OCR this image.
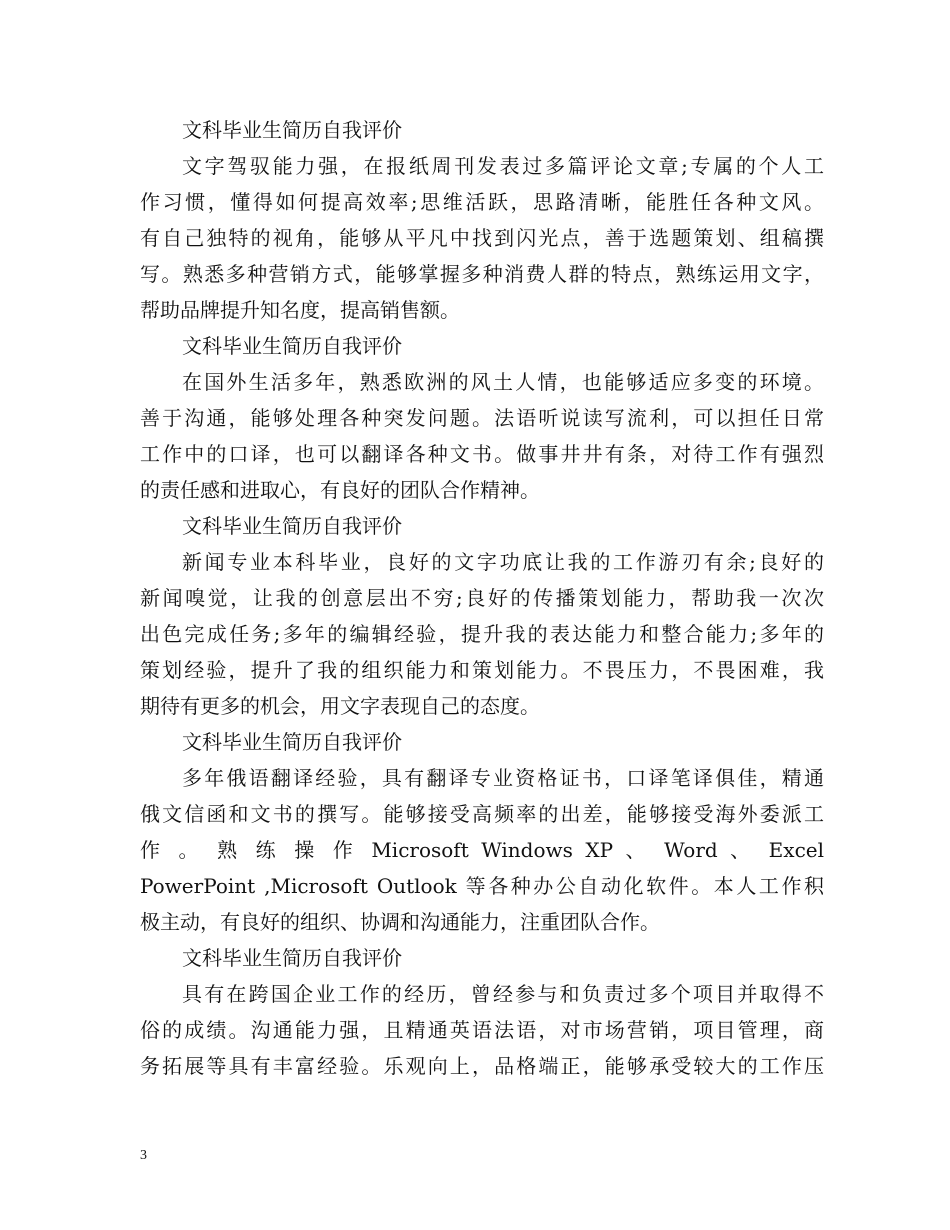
文科毕业生简历自我评价
文字驾驭能力强，在报纸周刊发表过多篇评论文章;专属的个人工
作习惯，懂得如何提高效率;思维活跃，思路清晰，能胜任各种文风。
有自己独特的视角，能够从平凡中找到闪光点，善于选题策划、组稿撰
写。熟悉多种营销方式，能够掌握多种消费人群的特点，熟练运用文字，
帮助品牌提升知名度，提高销售额。
文科毕业生简历自我评价
在国外生活多年，熟悉欧洲的风土人情，也能够适应多变的环境。
善于沟通，能够处理各种突发问题。法语听说读写流利，可以担任日常
工作中的口译，也可以翻译各种文书。做事井井有条，对待工作有强烈
的责任感和进取心，有良好的团队合作精神。
文科毕业生简历自我评价
新闻专业本科毕业，良好的文字功底让我的工作游刃有余;良好的
新闻嗅觉，让我的创意层出不穷;良好的传播策划能力，帮助我一次次
出色完成任务;多年的编辑经验，提升我的表达能力和整合能力;多年的
策划经验，提升了我的组织能力和策划能力。不畏压力，不畏困难，我
期待有更多的机会，用文字表现自己的态度。
文科毕业生简历自我评价
多年俄语翻译经验，具有翻译专业资格证书，口译笔译俱佳，精通
俄文信函和文书的撰写。能够接受高频率的出差，能够接受海外委派工
作 。 熟 练 操 作 Microsoft Windows XP 、 Word 、 Excel
PowerPoint ,Microsoft Outlook 等各种办公自动化软件。本人工作积
极主动，有良好的组织、协调和沟通能力，注重团队合作。
文科毕业生简历自我评价
具有在跨国企业工作的经历，曾经参与和负责过多个项目并取得不
俗的成绩。沟通能力强，且精通英语法语，对市场营销，项目管理，商
务拓展等具有丰富经验。乐观向上，品格端正，能够承受较大的工作压
3
